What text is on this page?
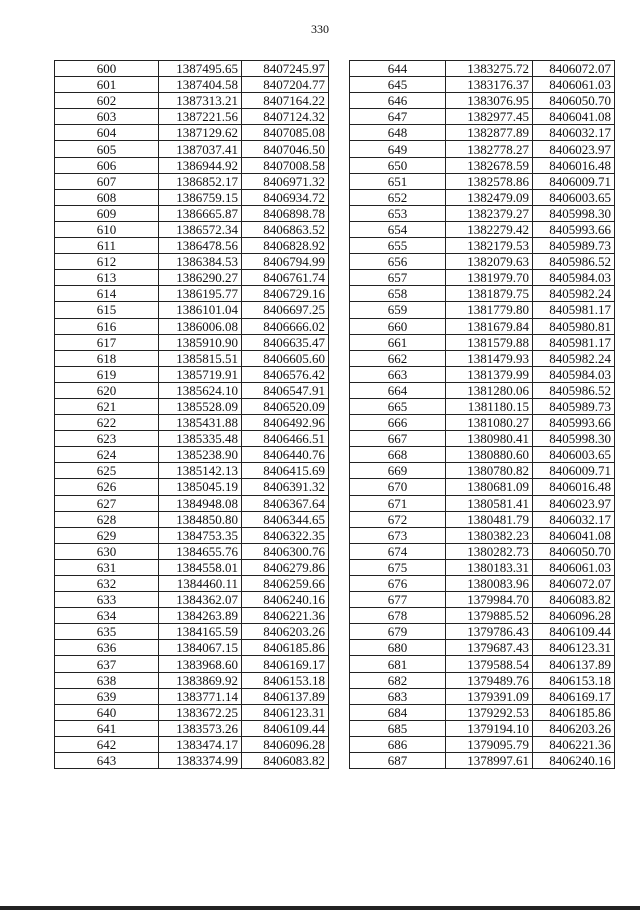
330
600	1387495.65	8407245.97
601	1387404.58	8407204.77
602	1387313.21	8407164.22
603	1387221.56	8407124.32
604	1387129.62	8407085.08
605	1387037.41	8407046.50
606	1386944.92	8407008.58
607	1386852.17	8406971.32
608	1386759.15	8406934.72
609	1386665.87	8406898.78
610	1386572.34	8406863.52
611	1386478.56	8406828.92
612	1386384.53	8406794.99
613	1386290.27	8406761.74
614	1386195.77	8406729.16
615	1386101.04	8406697.25
616	1386006.08	8406666.02
617	1385910.90	8406635.47
618	1385815.51	8406605.60
619	1385719.91	8406576.42
620	1385624.10	8406547.91
621	1385528.09	8406520.09
622	1385431.88	8406492.96
623	1385335.48	8406466.51
624	1385238.90	8406440.76
625	1385142.13	8406415.69
626	1385045.19	8406391.32
627	1384948.08	8406367.64
628	1384850.80	8406344.65
629	1384753.35	8406322.35
630	1384655.76	8406300.76
631	1384558.01	8406279.86
632	1384460.11	8406259.66
633	1384362.07	8406240.16
634	1384263.89	8406221.36
635	1384165.59	8406203.26
636	1384067.15	8406185.86
637	1383968.60	8406169.17
638	1383869.92	8406153.18
639	1383771.14	8406137.89
640	1383672.25	8406123.31
641	1383573.26	8406109.44
642	1383474.17	8406096.28
643	1383374.99	8406083.82
644	1383275.72	8406072.07
645	1383176.37	8406061.03
646	1383076.95	8406050.70
647	1382977.45	8406041.08
648	1382877.89	8406032.17
649	1382778.27	8406023.97
650	1382678.59	8406016.48
651	1382578.86	8406009.71
652	1382479.09	8406003.65
653	1382379.27	8405998.30
654	1382279.42	8405993.66
655	1382179.53	8405989.73
656	1382079.63	8405986.52
657	1381979.70	8405984.03
658	1381879.75	8405982.24
659	1381779.80	8405981.17
660	1381679.84	8405980.81
661	1381579.88	8405981.17
662	1381479.93	8405982.24
663	1381379.99	8405984.03
664	1381280.06	8405986.52
665	1381180.15	8405989.73
666	1381080.27	8405993.66
667	1380980.41	8405998.30
668	1380880.60	8406003.65
669	1380780.82	8406009.71
670	1380681.09	8406016.48
671	1380581.41	8406023.97
672	1380481.79	8406032.17
673	1380382.23	8406041.08
674	1380282.73	8406050.70
675	1380183.31	8406061.03
676	1380083.96	8406072.07
677	1379984.70	8406083.82
678	1379885.52	8406096.28
679	1379786.43	8406109.44
680	1379687.43	8406123.31
681	1379588.54	8406137.89
682	1379489.76	8406153.18
683	1379391.09	8406169.17
684	1379292.53	8406185.86
685	1379194.10	8406203.26
686	1379095.79	8406221.36
687	1378997.61	8406240.16
